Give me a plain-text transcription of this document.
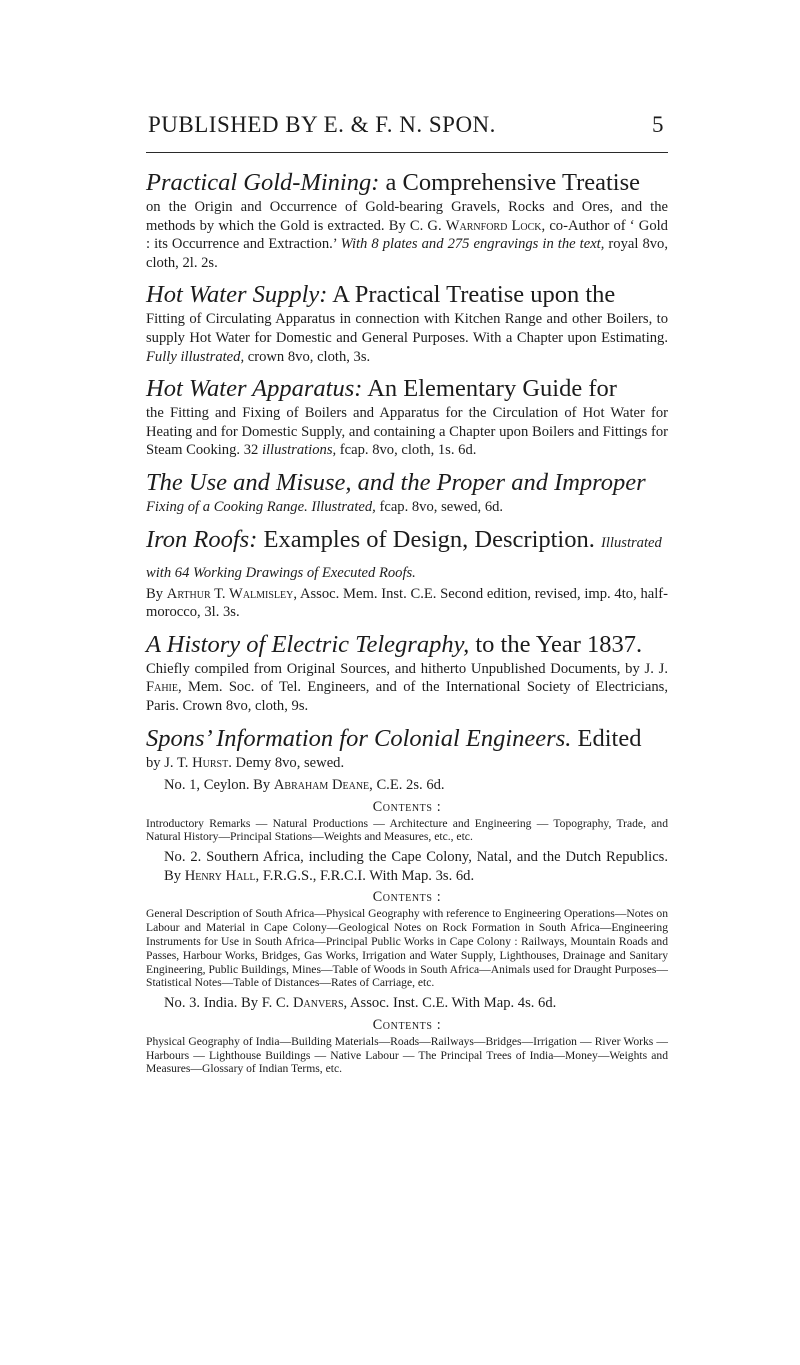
PUBLISHED BY E. & F. N. SPON.	5
Practical Gold-Mining: a Comprehensive Treatise

on the Origin and Occurrence of Gold-bearing Gravels, Rocks and Ores, and the methods by which the Gold is extracted. By C. G. Warnford Lock, co-Author of ‘ Gold : its Occurrence and Extraction.’ With 8 plates and 275 engravings in the text, royal 8vo, cloth, 2l. 2s.

Hot Water Supply: A Practical Treatise upon the

Fitting of Circulating Apparatus in connection with Kitchen Range and other Boilers, to supply Hot Water for Domestic and General Purposes. With a Chapter upon Estimating. Fully illustrated, crown 8vo, cloth, 3s.

Hot Water Apparatus: An Elementary Guide for

the Fitting and Fixing of Boilers and Apparatus for the Circulation of Hot Water for Heating and for Domestic Supply, and containing a Chapter upon Boilers and Fittings for Steam Cooking. 32 illustrations, fcap. 8vo, cloth, 1s. 6d.

The Use and Misuse, and the Proper and Improper

Fixing of a Cooking Range. Illustrated, fcap. 8vo, sewed, 6d.

Iron Roofs: Examples of Design, Description. Illustrated with 64 Working Drawings of Executed Roofs.

By Arthur T. Walmisley, Assoc. Mem. Inst. C.E. Second edition, revised, imp. 4to, half-morocco, 3l. 3s.

A History of Electric Telegraphy, to the Year 1837.

Chiefly compiled from Original Sources, and hitherto Unpublished Documents, by J. J. Fahie, Mem. Soc. of Tel. Engineers, and of the International Society of Electricians, Paris. Crown 8vo, cloth, 9s.

Spons’ Information for Colonial Engineers. Edited

by J. T. Hurst. Demy 8vo, sewed.

No. 1, Ceylon. By Abraham Deane, C.E. 2s. 6d.

Contents :

Introductory Remarks — Natural Productions — Architecture and Engineering — Topography, Trade, and Natural History—Principal Stations—Weights and Measures, etc., etc.

No. 2. Southern Africa, including the Cape Colony, Natal, and the Dutch Republics. By Henry Hall, F.R.G.S., F.R.C.I. With Map. 3s. 6d.

Contents :

General Description of South Africa—Physical Geography with reference to Engineering Operations—Notes on Labour and Material in Cape Colony—Geological Notes on Rock Formation in South Africa—Engineering Instruments for Use in South Africa—Principal Public Works in Cape Colony : Railways, Mountain Roads and Passes, Harbour Works, Bridges, Gas Works, Irrigation and Water Supply, Lighthouses, Drainage and Sanitary Engineering, Public Buildings, Mines—Table of Woods in South Africa—Animals used for Draught Purposes—Statistical Notes—Table of Distances—Rates of Carriage, etc.

No. 3. India. By F. C. Danvers, Assoc. Inst. C.E. With Map. 4s. 6d.

Contents :

Physical Geography of India—Building Materials—Roads—Railways—Bridges—Irrigation — River Works — Harbours — Lighthouse Buildings — Native Labour — The Principal Trees of India—Money—Weights and Measures—Glossary of Indian Terms, etc.
